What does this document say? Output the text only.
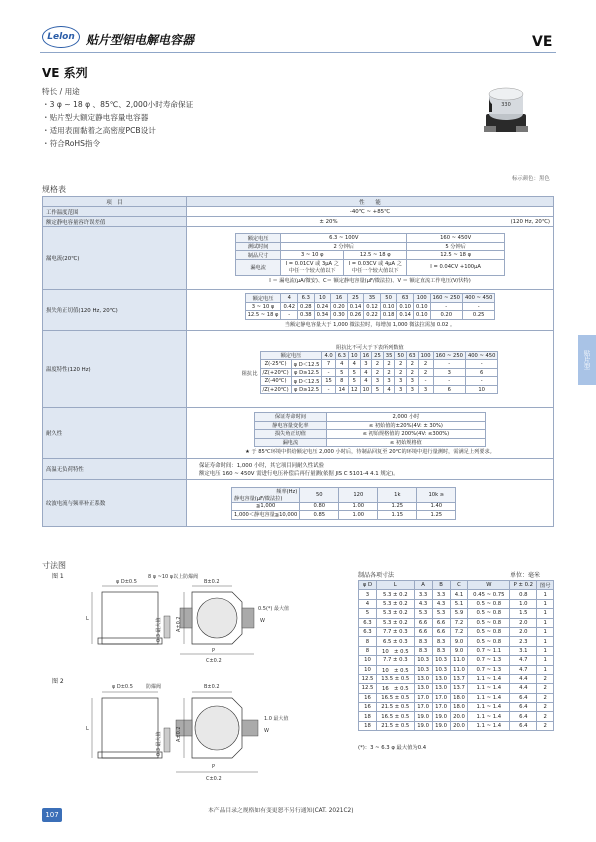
Lelon 贴片型铝电解电容器	VE
VE 系列
特长 / 用途
・3 φ ~ 18 φ 、85℃、2,000小时寿命保证
・贴片型大额定静电容量电容器
・适用表面黏着之高密度PCB设计
・符合RoHS指令
330
标示颜色：黑色
规格表
项　目	性　　能
工作温度范围	-40℃ ~ +85℃
额定静电容量容许误差值	± 20%	(120 Hz, 20℃)
漏电流(20℃)	
额定电压	6.3 ~ 100V	160 ~ 450V
测试时间	2 分钟后	5 分钟后
制品尺寸	3 ~ 10 φ	12.5 ~ 18 φ	12.5 ~ 18 φ
漏电流	I = 0.01CV 或 3μA 之中任一个较大值以下	I = 0.03CV 或 4μA 之中任一个较大值以下	I = 0.04CV +100μA
I ＝ 漏电流(μA/微安)、C＝ 额定静电容量(μF/微法拉)、V ＝ 额定直流工作电压(V/伏特)

损失角正切值(120 Hz, 20℃)	
额定电压	4	6.3	10	16	25	35	50	63	100	160 ~ 250	400 ~ 450
3 ~ 10 φ	0.42	0.28	0.24	0.20	0.14	0.12	0.10	0.10	0.10	-	-
12.5 ~ 18 φ	-	0.38	0.34	0.30	0.26	0.22	0.18	0.14	0.10	0.20	0.25
当额定静电容量大于 1,000 微法拉时，每增加 1,000 微法拉需加 0.02 。

温度特性(120 Hz)	
阻抗比不可大于下表所列数值
阻抗比
额定电压	4.0	6.3	10	16	25	35	50	63	100	160 ~ 250	400 ~ 450
Z(-25℃)	φ D＜12.5	7	4	4	3	2	2	2	2	2	-	-
/Z(+20℃)	φ D≥12.5	-	5	5	4	2	2	2	2	2	3	6
Z(-40℃)	φ D＜12.5	15	8	5	4	3	3	3	3	-	-	-
/Z(+20℃)	φ D≥12.5	-	14	12	10	5	4	3	3	3	6	10

耐久性	
保证寿命时间	2,000 小时
静电容量变化率	≤ 初始值的±20%(4V: ± 30%)
损失角正切值	≤ 初始规格值的 200%(4V: ≤300%)
漏电流	≤ 初始规格值
★ 于 85℃环境中供给额定电压 2,000 小时后，待制品回复至 20℃的环境中进行量测时，需满足上列要求。

高温无负荷特性	
保证寿命时间：1,000 小时，其它项目同耐久性试验
额定电压 160 ~ 450V 需进行电压补偿后再行量测(依据 JIS C 5101-4 4.1 规定)。

纹波电流与频率补正系数	
频率(Hz)
静电容量(μF/微法拉)
	50	120	1k	10k ≥
≦1,000	0.80	1.00	1.25	1.40
1,000＜静电容量≦10,000	0.85	1.00	1.15	1.25
贴片型
寸法图
图 1
图 2
L
φ D±0.5
8 φ ~10 φ以上防爆阀
0.3 最大值
B±0.2
A±0.2
P
C±0.2
W
0.5(*) 最大值
L
φ D±0.5	防爆阀
0.3 最大值
B±0.2
A±0.2
P
C±0.2
W
1.0 最大值
制品各项寸法	单位：毫米
φ D	L	A	B	C	W	P ± 0.2	图号
3	5.3 ± 0.2	3.3	3.3	4.1	0.45 ~ 0.75	0.8	1
4	5.3 ± 0.2	4.3	4.3	5.1	0.5 ~ 0.8	1.0	1
5	5.3 ± 0.2	5.3	5.3	5.9	0.5 ~ 0.8	1.5	1
6.3	5.3 ± 0.2	6.6	6.6	7.2	0.5 ~ 0.8	2.0	1
6.3	7.7 ± 0.3	6.6	6.6	7.2	0.5 ~ 0.8	2.0	1
8	6.5 ± 0.3	8.3	8.3	9.0	0.5 ~ 0.8	2.3	1
8	10　± 0.5	8.3	8.3	9.0	0.7 ~ 1.1	3.1	1
10	7.7 ± 0.3	10.3	10.3	11.0	0.7 ~ 1.3	4.7	1
10	10　± 0.5	10.3	10.3	11.0	0.7 ~ 1.3	4.7	1
12.5	13.5 ± 0.5	13.0	13.0	13.7	1.1 ~ 1.4	4.4	2
12.5	16　± 0.5	13.0	13.0	13.7	1.1 ~ 1.4	4.4	2
16	16.5 ± 0.5	17.0	17.0	18.0	1.1 ~ 1.4	6.4	2
16	21.5 ± 0.5	17.0	17.0	18.0	1.1 ~ 1.4	6.4	2
18	16.5 ± 0.5	19.0	19.0	20.0	1.1 ~ 1.4	6.4	2
18	21.5 ± 0.5	19.0	19.0	20.0	1.1 ~ 1.4	6.4	2
(*)：3 ~ 6.3 φ 最大值为0.4
107	本产品目录之规格如有变更恕不另行通知(CAT. 2021C2)
